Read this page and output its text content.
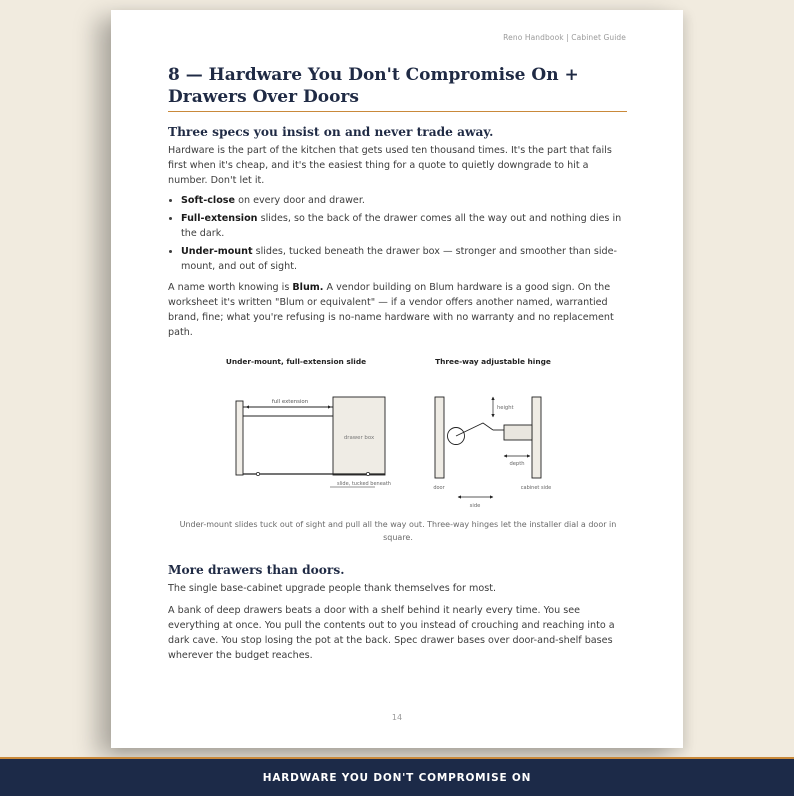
Reno Handbook | Cabinet Guide
8 — Hardware You Don't Compromise On + Drawers Over Doors
Three specs you insist on and never trade away.

Hardware is the part of the kitchen that gets used ten thousand times. It's the part that fails first when it's cheap, and it's the easiest thing for a quote to quietly downgrade to hit a number. Don't let it.

• Soft-close on every door and drawer.
• Full-extension slides, so the back of the drawer comes all the way out and nothing dies in the dark.
• Under-mount slides, tucked beneath the drawer box — stronger and smoother than side-mount, and out of sight.

A name worth knowing is Blum. A vendor building on Blum hardware is a good sign. On the worksheet it's written "Blum or equivalent" — if a vendor offers another named, warrantied brand, fine; what you're refusing is no-name hardware with no warranty and no replacement path.

Under-mount, full-extension slide
drawer box
full extension
slide, tucked beneath
Three-way adjustable hinge
height
depth
door	cabinet side
side
Under-mount slides tuck out of sight and pull all the way out. Three-way hinges let the installer dial a door in square.
More drawers than doors.

The single base-cabinet upgrade people thank themselves for most.

A bank of deep drawers beats a door with a shelf behind it nearly every time. You see everything at once. You pull the contents out to you instead of crouching and reaching into a dark cave. You stop losing the pot at the back. Spec drawer bases over door-and-shelf bases wherever the budget reaches.

14
HARDWARE YOU DON'T COMPROMISE ON
